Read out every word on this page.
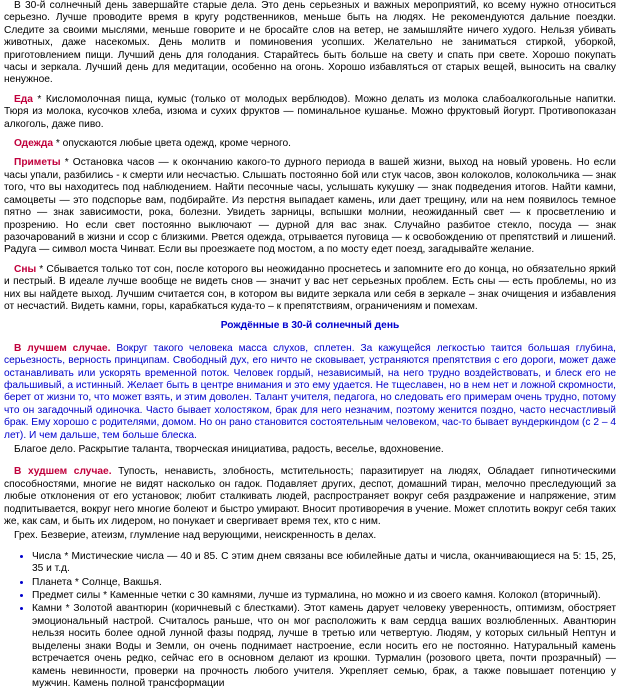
В 30-й солнечный день завершайте старые дела. Это день серьезных и важных мероприятий, ко всему нужно относиться серьезно. Лучше проводите время в кругу родственников, меньше быть на людях. Не рекомендуются дальние поездки. Следите за своими мыслями, меньше говорите и не бросайте слов на ветер, не замышляйте ничего худого. Нельзя убивать животных, даже насекомых. День молитв и поминовения усопших. Желательно не заниматься стиркой, уборкой, приготовлением пищи. Лучший день для голодания. Старайтесь быть больше на свету и спать при свете. Хорошо покупать часы и зеркала. Лучший день для медитации, особенно на огонь. Хорошо избавляться от старых вещей, выносить на свалку ненужное.

Еда * Кисломолочная пища, кумыс (только от молодых верблюдов). Можно делать из молока слабоалкогольные напитки. Тюря из молока, кусочков хлеба, изюма и сухих фруктов — поминальное кушанье. Можно фруктовый йогурт. Противопоказан алкоголь, даже пиво.

Одежда * опускаются любые цвета одежд, кроме черного.

Приметы * Остановка часов — к окончанию какого-то дурного периода в вашей жизни, выход на новый уровень. Но если часы упали, разбились - к смерти или несчастью. Слышать постоянно бой или стук часов, звон колоколов, колокольчика — знак того, что вы находитесь под наблюдением. Найти песочные часы, услышать кукушку — знак подведения итогов. Найти камни, самоцветы — это подспорье вам, подбирайте. Из перстня выпадает камень, или дает трещину, или на нем появилось темное пятно — знак зависимости, рока, болезни. Увидеть зарницы, вспышки молнии, неожиданный свет — к просветлению и прозрению. Но если свет постоянно выключают — дурной для вас знак. Случайно разбитое стекло, посуда — знак разочарований в жизни и ссор с близкими. Рвется одежда, отрывается пуговица — к освобождению от препятствий и лишений. Радуга — символ моста Чинват. Если вы проезжаете под мостом, а по мосту едет поезд, загадывайте желание.

Сны * Сбывается только тот сон, после которого вы неожиданно проснетесь и запомните его до конца, но обязательно яркий и пестрый. В идеале лучше вообще не видеть снов — значит у вас нет серьезных проблем. Есть сны — есть проблемы, но из них вы найдете выход. Лучшим считается сон, в котором вы видите зеркала или себя в зеркале – знак очищения и избавления от несчастий. Видеть камни, горы, карабкаться куда-то – к препятствиям, ограничениям и помехам.

Рождённые в 30-й солнечный день

В лучшем случае. Вокруг такого человека масса слухов, сплетен. За кажущейся легкостью таится большая глубина, серьезность, верность принципам. Свободный дух, его ничто не сковывает, устраняются препятствия с его дороги, может даже останавливать или ускорять временной поток. Человек гордый, независимый, на него трудно воздействовать, и блеск его не фальшивый, а истинный. Желает быть в центре внимания и это ему удается. Не тщеславен, но в нем нет и ложной скромности, берет от жизни то, что может взять, и этим доволен. Талант учителя, педагога, но следовать его примерам очень трудно, потому что он загадочный одиночка. Часто бывает холостяком, брак для него незначим, поэтому женится поздно, часто несчастливый брак. Ему хорошо с родителями, домом. Но он рано становится состоятельным человеком, час-то бывает вундеркиндом (с 2 – 4 лет). И чем дальше, тем больше блеска.

Благое дело. Раскрытие таланта, творческая инициатива, радость, веселье, вдохновение.

В худшем случае. Тупость, ненависть, злобность, мстительность; паразитирует на людях, Обладает гипнотическими способностями, многие не видят насколько он гадок. Подавляет других, деспот, домашний тиран, мелочно преследующий за любые отклонения от его установок; любит сталкивать людей, распространяет вокруг себя раздражение и напряжение, этим подпитывается, вокруг него многие болеют и быстро умирают. Вносит противоречия в учение. Может сплотить вокруг себя таких же, как сам, и быть их лидером, но понукает и свергивает время тех, кто с ним.

Грех. Безверие, атеизм, глумление над верующими, неискренность в делах.

• Числа * Мистические числа — 40 и 85. С этим днем связаны все юбилейные даты и числа, оканчивающиеся на 5: 15, 25, 35 и т.д.
• Планета * Солнце, Вакшья.
• Предмет силы * Каменные четки с 30 камнями, лучше из турмалина, но можно и из своего камня. Колокол (вторичный).
• Камни * Золотой авантюрин (коричневый с блестками). Этот камень дарует человеку уверенность, оптимизм, обостряет эмоциональный настрой. Считалось раньше, что он мог расположить к вам сердца ваших возлюбленных. Авантюрин нельзя носить более одной лунной фазы подряд, лучше в третью или четвертую. Людям, у которых сильный Нептун и выделены знаки Воды и Земли, он очень поднимает настроение, если носить его не постоянно. Натуральный камень встречается очень редко, сейчас его в основном делают из крошки. Турмалин (розового цвета, почти прозрачный) — камень невинности, проверки на прочность любого учителя. Укрепляет семью, брак, а также повышает потенцию у мужчин. Камень полной трансформации
